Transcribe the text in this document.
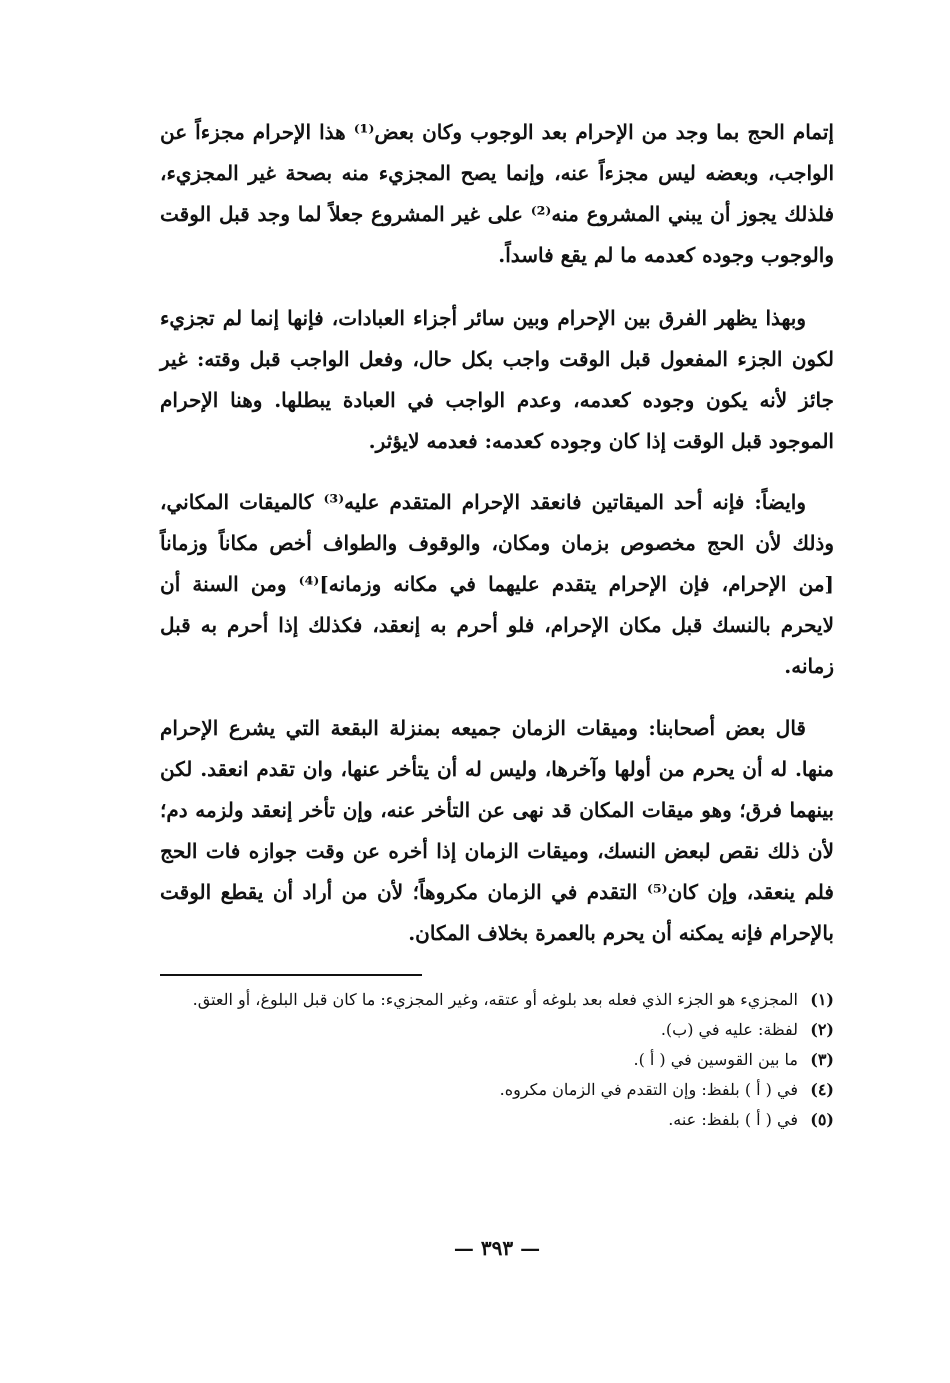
إتمام الحج بما وجد من الإحرام بعد الوجوب وكان بعض⁽¹⁾ هذا الإحرام مجزءاً عن الواجب، وبعضه ليس مجزءاً عنه، وإنما يصح المجزيء منه بصحة غير المجزيء، فلذلك يجوز أن يبني المشروع منه⁽²⁾ على غير المشروع جعلاً لما وجد قبل الوقت والوجوب وجوده كعدمه ما لم يقع فاسداً.

وبهذا يظهر الفرق بين الإحرام وبين سائر أجزاء العبادات، فإنها إنما لم تجزيء لكون الجزء المفعول قبل الوقت واجب بكل حال، وفعل الواجب قبل وقته: غير جائز لأنه يكون وجوده كعدمه، وعدم الواجب في العبادة يبطلها. وهنا الإحرام الموجود قبل الوقت إذا كان وجوده كعدمه: فعدمه لايؤثر.

وايضاً: فإنه أحد الميقاتين فانعقد الإحرام المتقدم عليه⁽³⁾ كالميقات المكاني، وذلك لأن الحج مخصوص بزمان ومكان، والوقوف والطواف أخص مكاناً وزماناً [من الإحرام، فإن الإحرام يتقدم عليهما في مكانه وزمانه]⁽⁴⁾ ومن السنة أن لايحرم بالنسك قبل مكان الإحرام، فلو أحرم به إنعقد، فكذلك إذا أحرم به قبل زمانه.

قال بعض أصحابنا: وميقات الزمان جميعه بمنزلة البقعة التي يشرع الإحرام منها. له أن يحرم من أولها وآخرها، وليس له أن يتأخر عنها، وان تقدم انعقد. لكن بينهما فرق؛ وهو ميقات المكان قد نهى عن التأخر عنه، وإن تأخر إنعقد ولزمه دم؛ لأن ذلك نقص لبعض النسك، وميقات الزمان إذا أخره عن وقت جوازه فات الحج فلم ينعقد، وإن كان⁽⁵⁾ التقدم في الزمان مكروهاً؛ لأن من أراد أن يقطع الوقت بالإحرام فإنه يمكنه أن يحرم بالعمرة بخلاف المكان.

(١)
المجزيء هو الجزء الذي فعله بعد بلوغه أو عتقه، وغير المجزيء: ما كان قبل البلوغ، أو العتق.
(٢)
لفظة: عليه في (ب).
(٣)
ما بين القوسين في ( أ ).
(٤)
في ( أ ) بلفظ: وإن التقدم في الزمان مكروه.
(٥)
في ( أ ) بلفظ: عنه.
— ٣٩٣ —
